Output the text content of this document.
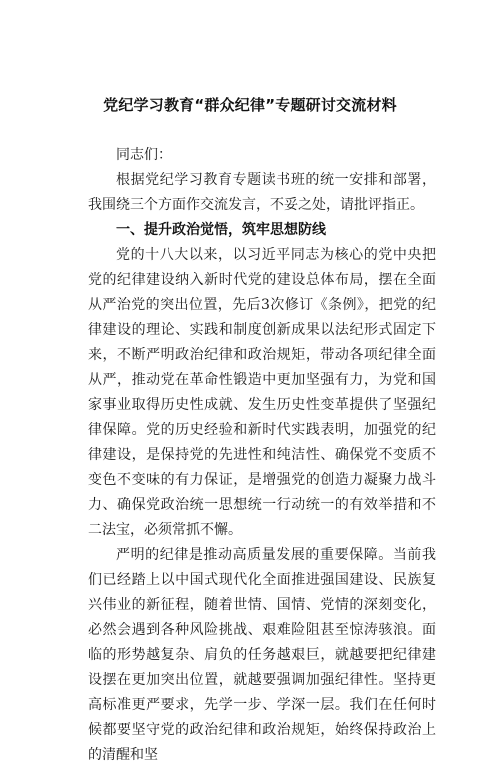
党纪学习教育“群众纪律”专题研讨交流材料

同志们：

根据党纪学习教育专题读书班的统一安排和部署，我围绕三个方面作交流发言，不妥之处，请批评指正。

一、提升政治觉悟，筑牢思想防线

党的十八大以来，以习近平同志为核心的党中央把党的纪律建设纳入新时代党的建设总体布局，摆在全面从严治党的突出位置，先后3次修订《条例》，把党的纪律建设的理论、实践和制度创新成果以法纪形式固定下来，不断严明政治纪律和政治规矩，带动各项纪律全面从严，推动党在革命性锻造中更加坚强有力，为党和国家事业取得历史性成就、发生历史性变革提供了坚强纪律保障。党的历史经验和新时代实践表明，加强党的纪律建设，是保持党的先进性和纯洁性、确保党不变质不变色不变味的有力保证，是增强党的创造力凝聚力战斗力、确保党政治统一思想统一行动统一的有效举措和不二法宝，必须常抓不懈。

严明的纪律是推动高质量发展的重要保障。当前我们已经踏上以中国式现代化全面推进强国建设、民族复兴伟业的新征程，随着世情、国情、党情的深刻变化，必然会遇到各种风险挑战、艰难险阻甚至惊涛骇浪。面临的形势越复杂、肩负的任务越艰巨，就越要把纪律建设摆在更加突出位置，就越要强调加强纪律性。坚持更高标准更严要求，先学一步、学深一层。我们在任何时候都要坚守党的政治纪律和政治规矩，始终保持政治上的清醒和坚
